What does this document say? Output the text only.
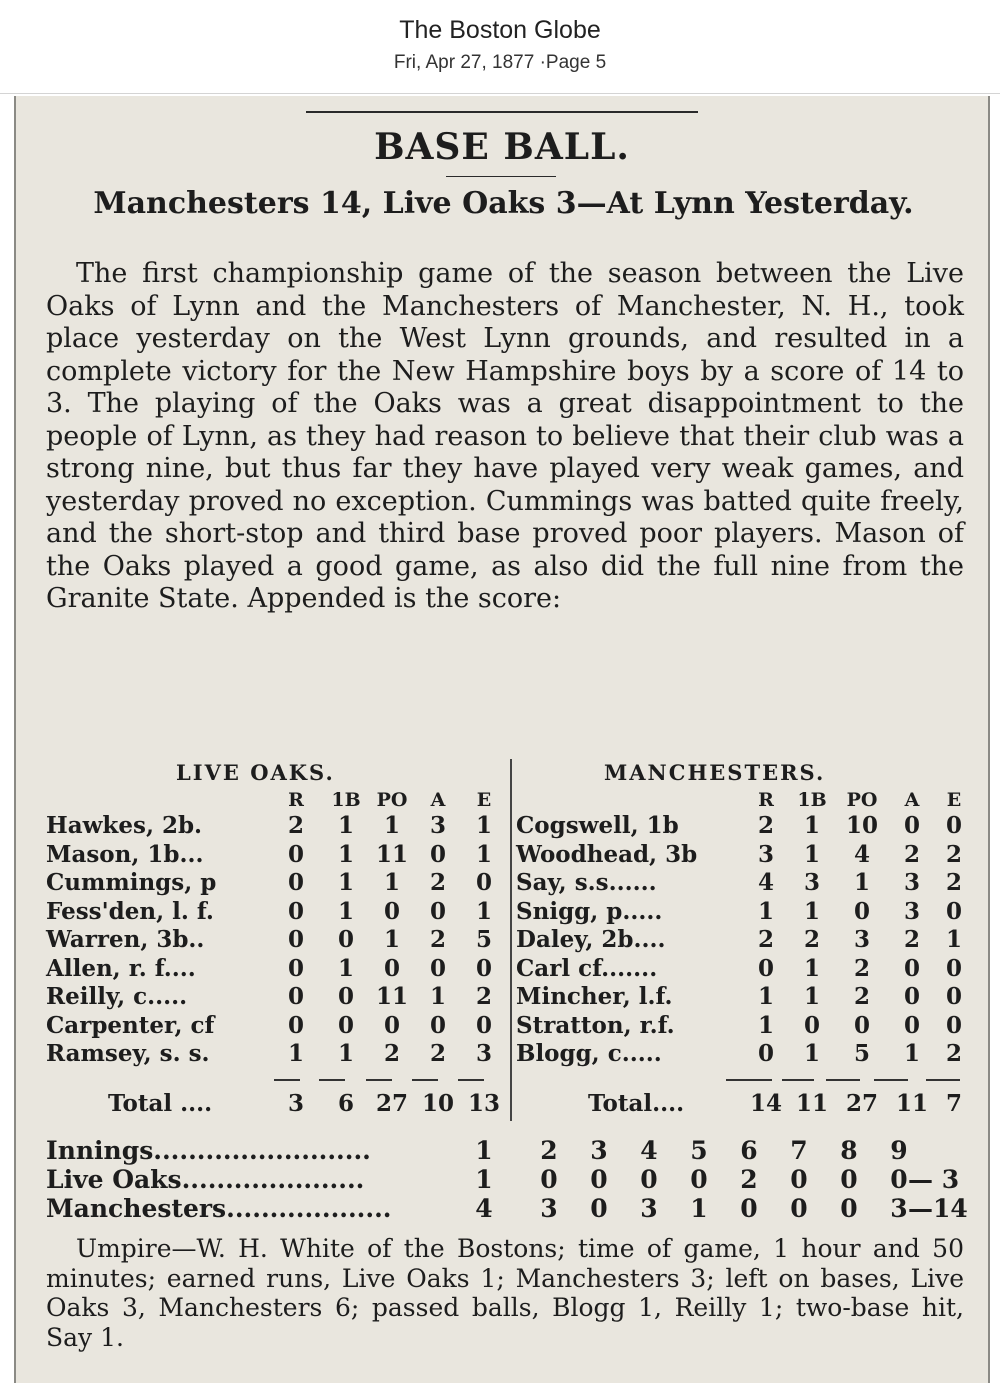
The Boston Globe
Fri, Apr 27, 1877 ·Page 5
BASE BALL.
Manchesters 14, Live Oaks 3—At Lynn Yesterday.

The first championship game of the season between the Live Oaks of Lynn and the Manchesters of Manchester, N. H., took place yesterday on the West Lynn grounds, and resulted in a complete victory for the New Hampshire boys by a score of 14 to 3. The playing of the Oaks was a great disappointment to the people of Lynn, as they had reason to believe that their club was a strong nine, but thus far they have played very weak games, and yesterday proved no exception. Cummings was batted quite freely, and the short-stop and third base proved poor players. Mason of the Oaks played a good game, as also did the full nine from the Granite State. Appended is the score:

LIVE OAKS.
R	1B PO	A	E
Hawkes, 2b.	2	1	1	3	1
Mason, 1b...	0	1 11 0	1
Cummings, p	0	1	1	2	0
Fess'den, l. f.	0	1	0	0	1
Warren, 3b..	0	0	1	2	5
Allen, r. f....	0	1	0	0	0
Reilly, c.....	0	0 11 1	2
Carpenter, cf	0	0	0	0	0
Ramsey, s. s.	1	1	2	2	3
Total ....	3	6 27 10 13
MANCHESTERS.
R	1B PO	A	E
Cogswell, 1b	2	1	10	0	0
Woodhead, 3b	3	1	4	2	2
Say, s.s......	4	3	1	3	2
Snigg, p.....	1	1	0	3	0
Daley, 2b....	2	2	3	2	1
Carl cf.......	0	1	2	0	0
Mincher, l.f.	1	1	2	0	0
Stratton, r.f.	1	0	0	0	0
Blogg, c.....	0	1	5	1	2
Total....	14 11 27 11 7
Innings.........................	1	2	3	4	5	6	7	8	9
Live Oaks.....................	1	0	0	0	0	2	0	0	0 — 3
Manchesters...................	4	3	0	3	1	0	0	0	3 —14

Umpire—W. H. White of the Bostons; time of game, 1 hour and 50 minutes; earned runs, Live Oaks 1; Manchesters 3; left on bases, Live Oaks 3, Manchesters 6; passed balls, Blogg 1, Reilly 1; two-base hit, Say 1.
